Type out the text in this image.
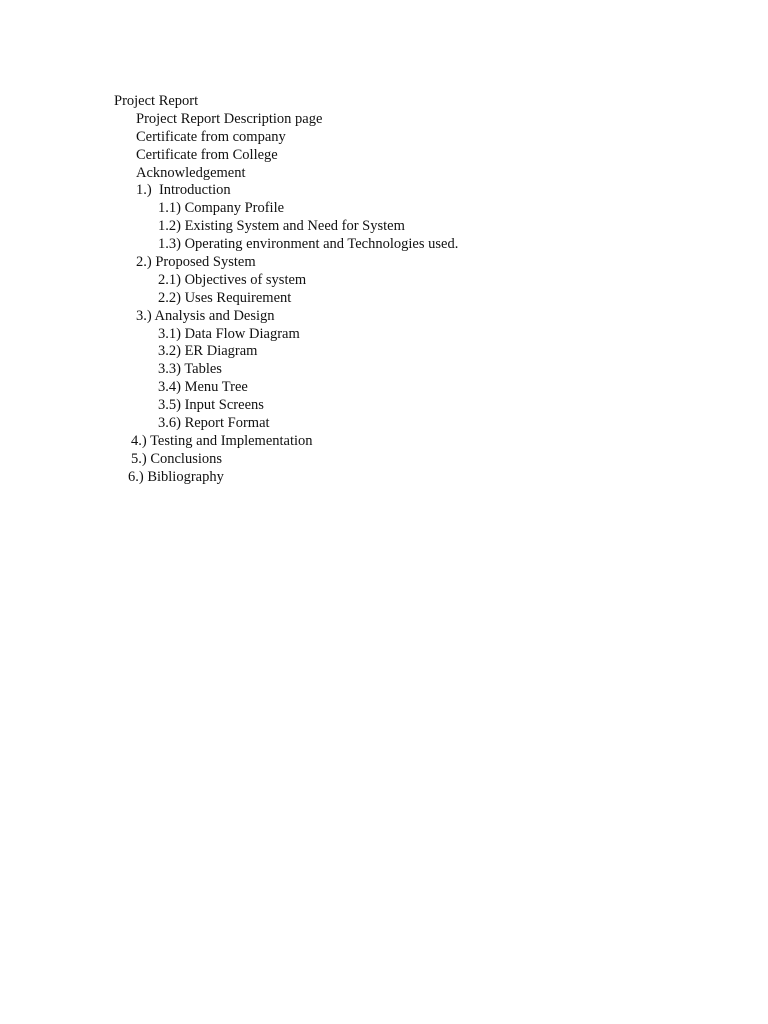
Project Report
Project Report Description page
Certificate from company
Certificate from College
Acknowledgement
1.)  Introduction
1.1) Company Profile
1.2) Existing System and Need for System
1.3) Operating environment and Technologies used.
2.) Proposed System
2.1) Objectives of system
2.2) Uses Requirement
3.) Analysis and Design
3.1) Data Flow Diagram
3.2) ER Diagram
3.3) Tables
3.4) Menu Tree
3.5) Input Screens
3.6) Report Format
4.) Testing and Implementation
5.) Conclusions
6.) Bibliography
